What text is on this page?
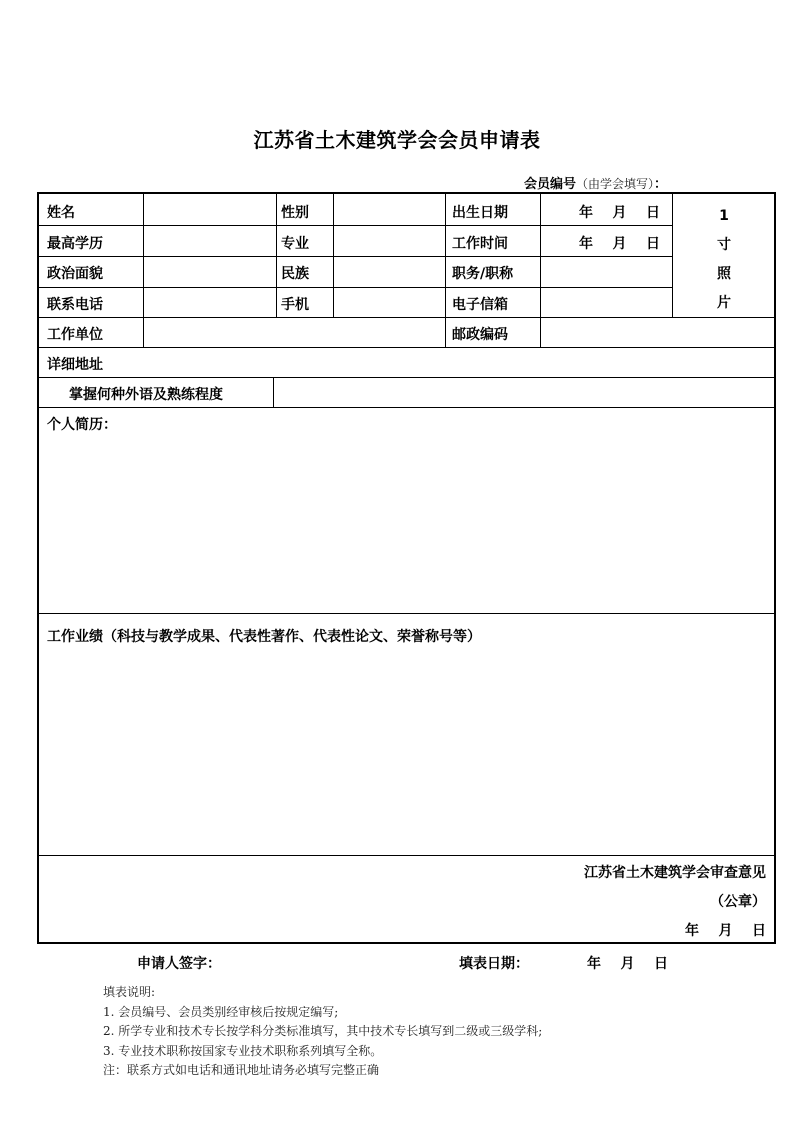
江苏省土木建筑学会会员申请表
会员编号（由学会填写）：
姓名	性别	出生日期	年    月    日
最高学历	专业	工作时间	年    月    日
政治面貌	民族	职务/职称
联系电话	手机	电子信箱
1
寸
照
片
工作单位	邮政编码
详细地址
掌握何种外语及熟练程度
个人简历：
工作业绩（科技与教学成果、代表性著作、代表性论文、荣誉称号等）
江苏省土木建筑学会审查意见
（公章）
年    月    日
申请人签字：	填表日期：	年    月    日
填表说明:
1. 会员编号、会员类别经审核后按规定编写;
2. 所学专业和技术专长按学科分类标准填写，其中技术专长填写到二级或三级学科;
3. 专业技术职称按国家专业技术职称系列填写全称。
注：联系方式如电话和通讯地址请务必填写完整正确
